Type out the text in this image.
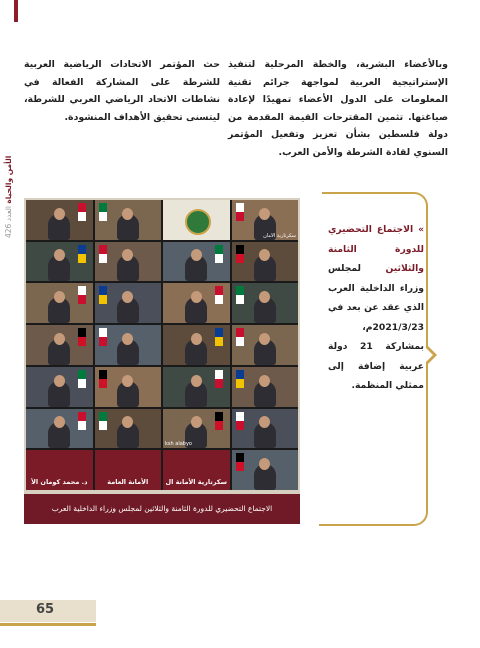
الأمن والحياة العدد 426
وبالأعضاء البشرية، والخطة المرحلية لتنفيذ الإستراتيجية العربية لمواجهة جرائم تقنية المعلومات على الدول الأعضاء تمهيدًا لإعادة صياغتها. تثمين المقترحات القيمة المقدمة من دولة فلسطين بشأن تعزيز وتفعيل المؤتمر السنوي لقادة الشرطة والأمن العرب.
حث المؤتمر الاتحادات الرياضية العربية للشرطة على المشاركة الفعالة في نشاطات الاتحاد الرياضي العربي للشرطة، ليتسنى تحقيق الأهداف المنشودة.
» الاجتماع التحضيري للدورة الثامنة والثلاثين لمجلس وزراء الداخلية العرب الذي عقد عن بعد في 2021/3/23م، بمشاركة 21 دولة عربية إضافة إلى ممثلي المنظمة.
سكرتارية الأمان
ksh alabyo
د. محمد كومان الأ	الأمانة العامة	سكرتارية الأمانة ال
الاجتماع التحضيري للدورة الثامنة والثلاثين لمجلس وزراء الداخلية العرب
65
